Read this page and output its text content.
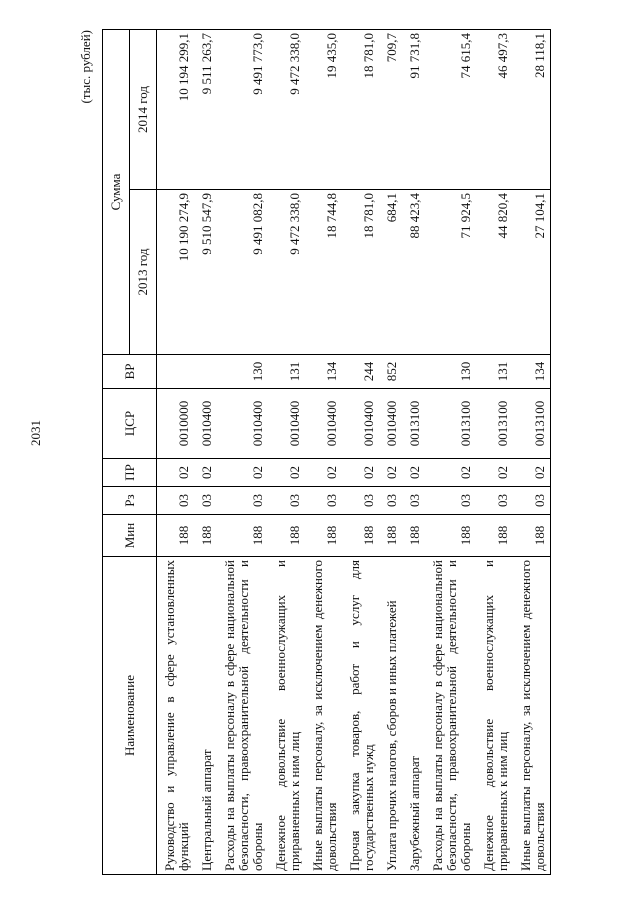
2031
(тыс. рублей)
Наименование	Мин	Рз	ПР	ЦСР	ВР	Сумма	
						2013 год	2014 год
Руководство и управление в сфере установленных функций	188	03	02	0010000		10 190 274,9	10 194 299,1
Центральный аппарат	188	03	02	0010400		9 510 547,9	9 511 263,7
Расходы на выплаты персоналу в сфере национальной безопасности, правоохранительной деятельности и обороны	188	03	02	0010400	130	9 491 082,8	9 491 773,0
Денежное довольствие военнослужащих и приравненных к ним лиц	188	03	02	0010400	131	9 472 338,0	9 472 338,0
Иные выплаты персоналу, за исключением денежного довольствия	188	03	02	0010400	134	18 744,8	19 435,0
Прочая закупка товаров, работ и услуг для государственных нужд	188	03	02	0010400	244	18 781,0	18 781,0
Уплата прочих налогов, сборов и иных платежей	188	03	02	0010400	852	684,1	709,7
Зарубежный аппарат	188	03	02	0013100		88 423,4	91 731,8
Расходы на выплаты персоналу в сфере национальной безопасности, правоохранительной деятельности и обороны	188	03	02	0013100	130	71 924,5	74 615,4
Денежное довольствие военнослужащих и приравненных к ним лиц	188	03	02	0013100	131	44 820,4	46 497,3
Иные выплаты персоналу, за исключением денежного довольствия	188	03	02	0013100	134	27 104,1	28 118,1
